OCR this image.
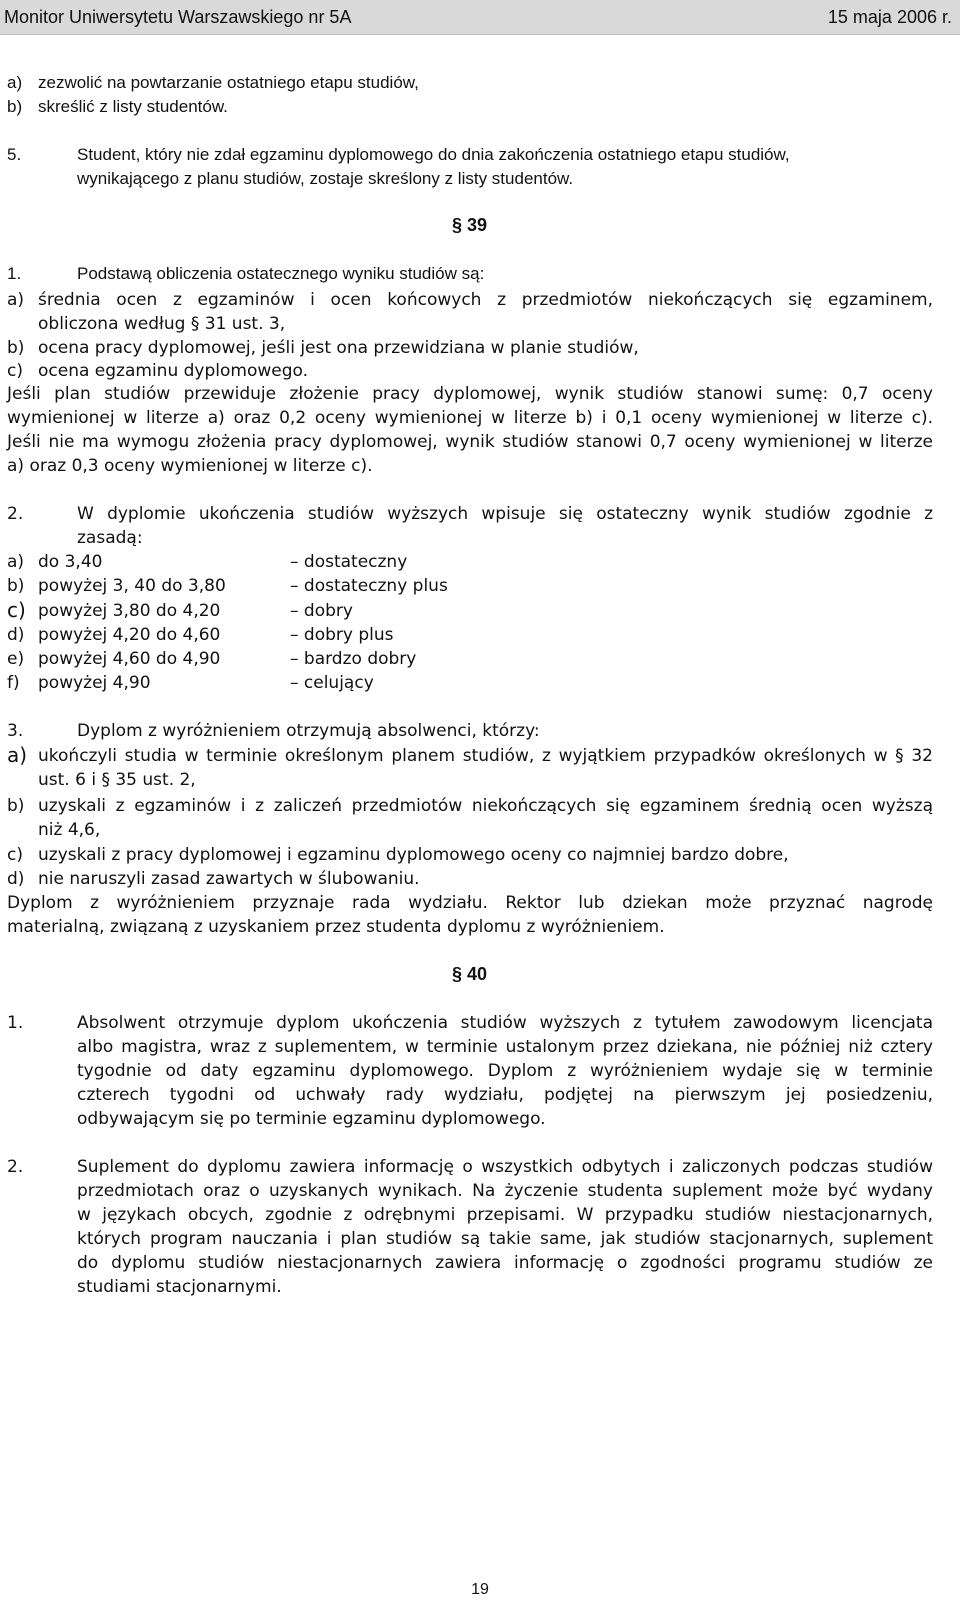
Monitor Uniwersytetu Warszawskiego nr 5A	15 maja 2006 r.
a) zezwolić na powtarzanie ostatniego etapu studiów,
b) skreślić z listy studentów.
5.	Student, który nie zdał egzaminu dyplomowego do dnia zakończenia ostatniego etapu studiów,
wynikającego z planu studiów, zostaje skreślony z listy studentów.
§ 39
1.	Podstawą obliczenia ostatecznego wyniku studiów są:
a) średnia ocen z egzaminów i ocen końcowych z przedmiotów niekończących się egzaminem,
obliczona według § 31 ust. 3,
b) ocena pracy dyplomowej, jeśli jest ona przewidziana w planie studiów,
c) ocena egzaminu dyplomowego.
Jeśli plan studiów przewiduje złożenie pracy dyplomowej, wynik studiów stanowi sumę: 0,7 oceny
wymienionej w literze a) oraz 0,2 oceny wymienionej w literze b) i 0,1 oceny wymienionej w literze c).
Jeśli nie ma wymogu złożenia pracy dyplomowej, wynik studiów stanowi 0,7 oceny wymienionej w literze
a) oraz 0,3 oceny wymienionej w literze c).
2.	W dyplomie ukończenia studiów wyższych wpisuje się ostateczny wynik studiów zgodnie z
zasadą:
a) do 3,40	– dostateczny
b) powyżej 3, 40 do 3,80	– dostateczny plus
c) powyżej 3,80 do 4,20	– dobry
d) powyżej 4,20 do 4,60	– dobry plus
e) powyżej 4,60 do 4,90	– bardzo dobry
f) powyżej 4,90	– celujący
3.	Dyplom z wyróżnieniem otrzymują absolwenci, którzy:
a) ukończyli studia w terminie określonym planem studiów, z wyjątkiem przypadków określonych w § 32
ust. 6 i § 35 ust. 2,
b) uzyskali z egzaminów i z zaliczeń przedmiotów niekończących się egzaminem średnią ocen wyższą
niż 4,6,
c) uzyskali z pracy dyplomowej i egzaminu dyplomowego oceny co najmniej bardzo dobre,
d) nie naruszyli zasad zawartych w ślubowaniu.
Dyplom z wyróżnieniem przyznaje rada wydziału. Rektor lub dziekan może przyznać nagrodę
materialną, związaną z uzyskaniem przez studenta dyplomu z wyróżnieniem.
§ 40
1.	Absolwent otrzymuje dyplom ukończenia studiów wyższych z tytułem zawodowym licencjata
albo magistra, wraz z suplementem, w terminie ustalonym przez dziekana, nie później niż cztery
tygodnie od daty egzaminu dyplomowego. Dyplom z wyróżnieniem wydaje się w terminie
czterech tygodni od uchwały rady wydziału, podjętej na pierwszym jej posiedzeniu,
odbywającym się po terminie egzaminu dyplomowego.
2.	Suplement do dyplomu zawiera informację o wszystkich odbytych i zaliczonych podczas studiów
przedmiotach oraz o uzyskanych wynikach. Na życzenie studenta suplement może być wydany
w językach obcych, zgodnie z odrębnymi przepisami. W przypadku studiów niestacjonarnych,
których program nauczania i plan studiów są takie same, jak studiów stacjonarnych, suplement
do dyplomu studiów niestacjonarnych zawiera informację o zgodności programu studiów ze
studiami stacjonarnymi.
19
